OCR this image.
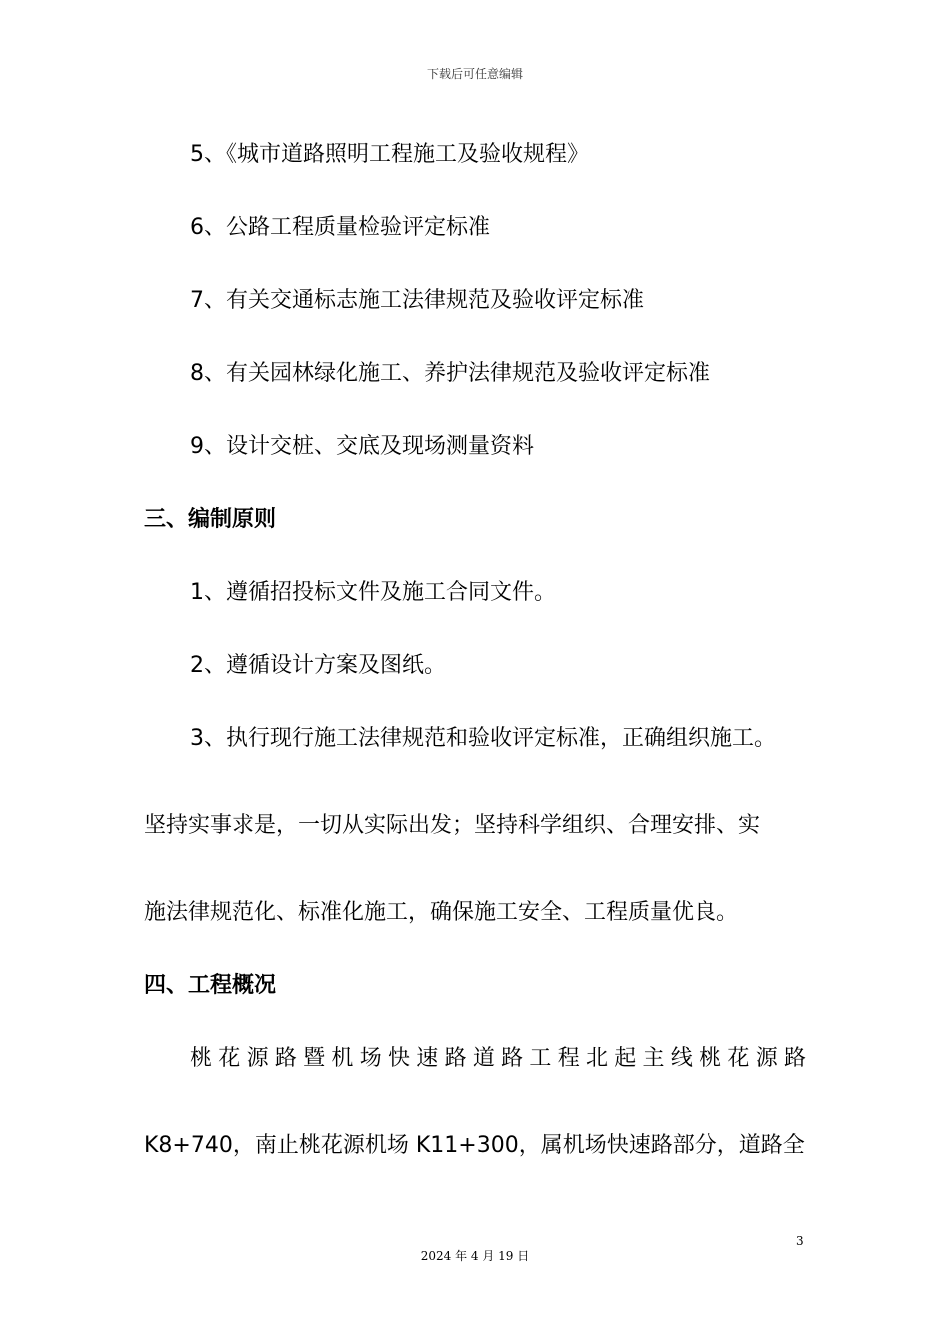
下载后可任意编辑
5、《城市道路照明工程施工及验收规程》
6、公路工程质量检验评定标准
7、有关交通标志施工法律规范及验收评定标准
8、有关园林绿化施工、养护法律规范及验收评定标准
9、设计交桩、交底及现场测量资料
三、编制原则
1、遵循招投标文件及施工合同文件。
2、遵循设计方案及图纸。
3、执行现行施工法律规范和验收评定标准，正确组织施工。
坚持实事求是，一切从实际出发；坚持科学组织、合理安排、实
施法律规范化、标准化施工，确保施工安全、工程质量优良。
四、工程概况
桃花源路暨机场快速路道路工程北起主线桃花源路
K8+740，南止桃花源机场 K11+300，属机场快速路部分，道路全
3
2024 年 4 月 19 日
